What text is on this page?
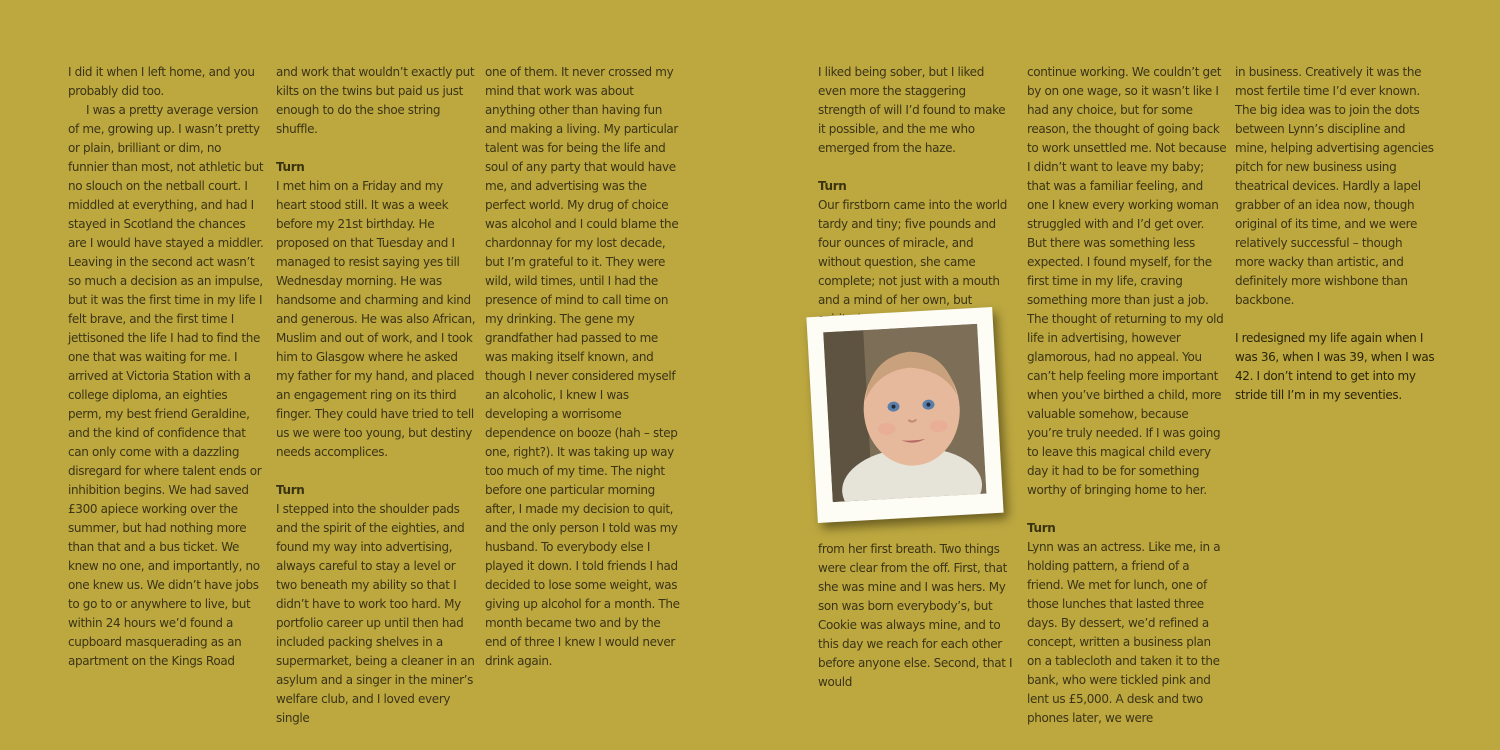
I did it when I left home, and you probably did too.

I was a pretty average version of me, growing up. I wasn’t pretty or plain, brilliant or dim, no funnier than most, not athletic but no slouch on the netball court. I middled at everything, and had I stayed in Scotland the chances are I would have stayed a middler. Leaving in the second act wasn’t so much a decision as an impulse, but it was the first time in my life I felt brave, and the first time I jettisoned the life I had to find the one that was waiting for me. I arrived at Victoria Station with a college diploma, an eighties perm, my best friend Geraldine, and the kind of confidence that can only come with a dazzling disregard for where talent ends or inhibition begins. We had saved £300 apiece working over the summer, but had nothing more than that and a bus ticket. We knew no one, and importantly, no one knew us. We didn’t have jobs to go to or anywhere to live, but within 24 hours we’d found a cupboard masquerading as an apartment on the Kings Road

and work that wouldn’t exactly put kilts on the twins but paid us just enough to do the shoe string shuffle.

Turn

I met him on a Friday and my heart stood still. It was a week before my 21st birthday. He proposed on that Tuesday and I managed to resist saying yes till Wednesday morning. He was handsome and charming and kind and generous. He was also African, Muslim and out of work, and I took him to Glasgow where he asked my father for my hand, and placed an engagement ring on its third finger. They could have tried to tell us we were too young, but destiny needs accomplices.

Turn

I stepped into the shoulder pads and the spirit of the eighties, and found my way into advertising, always careful to stay a level or two beneath my ability so that I didn’t have to work too hard. My portfolio career up until then had included packing shelves in a supermarket, being a cleaner in an asylum and a singer in the miner’s welfare club, and I loved every single

one of them. It never crossed my mind that work was about anything other than having fun and making a living. My particular talent was for being the life and soul of any party that would have me, and advertising was the perfect world. My drug of choice was alcohol and I could blame the chardonnay for my lost decade, but I’m grateful to it. They were wild, wild times, until I had the presence of mind to call time on my drinking. The gene my grandfather had passed to me was making itself known, and though I never considered myself an alcoholic, I knew I was developing a worrisome dependence on booze (hah – step one, right?). It was taking up way too much of my time. The night before one particular morning after, I made my decision to quit, and the only person I told was my husband. To everybody else I played it down. I told friends I had decided to lose some weight, was giving up alcohol for a month. The month became two and by the end of three I knew I would never drink again.

I liked being sober, but I liked even more the staggering strength of will I’d found to make it possible, and the me who emerged from the haze.

Turn

Our firstborn came into the world tardy and tiny; five pounds and four ounces of miracle, and without question, she came complete; not just with a mouth and a mind of her own, but

from her first breath. Two things were clear from the off. First, that she was mine and I was hers. My son was born everybody’s, but Cookie was always mine, and to this day we reach for each other before anyone else. Second, that I would

continue working. We couldn’t get by on one wage, so it wasn’t like I had any choice, but for some reason, the thought of going back to work unsettled me. Not because I didn’t want to leave my baby; that was a familiar feeling, and one I knew every working woman struggled with and I’d get over. But there was something less expected. I found myself, for the first time in my life, craving something more than just a job. The thought of returning to my old life in advertising, however glamorous, had no appeal. You can’t help feeling more important when you’ve birthed a child, more valuable somehow, because you’re truly needed. If I was going to leave this magical child every day it had to be for something worthy of bringing home to her.

Turn

Lynn was an actress. Like me, in a holding pattern, a friend of a friend. We met for lunch, one of those lunches that lasted three days. By dessert, we’d refined a concept, written a business plan on a tablecloth and taken it to the bank, who were tickled pink and lent us £5,000. A desk and two phones later, we were

in business. Creatively it was the most fertile time I’d ever known. The big idea was to join the dots between Lynn’s discipline and mine, helping advertising agencies pitch for new business using theatrical devices. Hardly a lapel grabber of an idea now, though original of its time, and we were relatively successful – though more wacky than artistic, and definitely more wishbone than backbone.

I redesigned my life again when I was 36, when I was 39, when I was 42. I don’t intend to get into my stride till I’m in my seventies.
